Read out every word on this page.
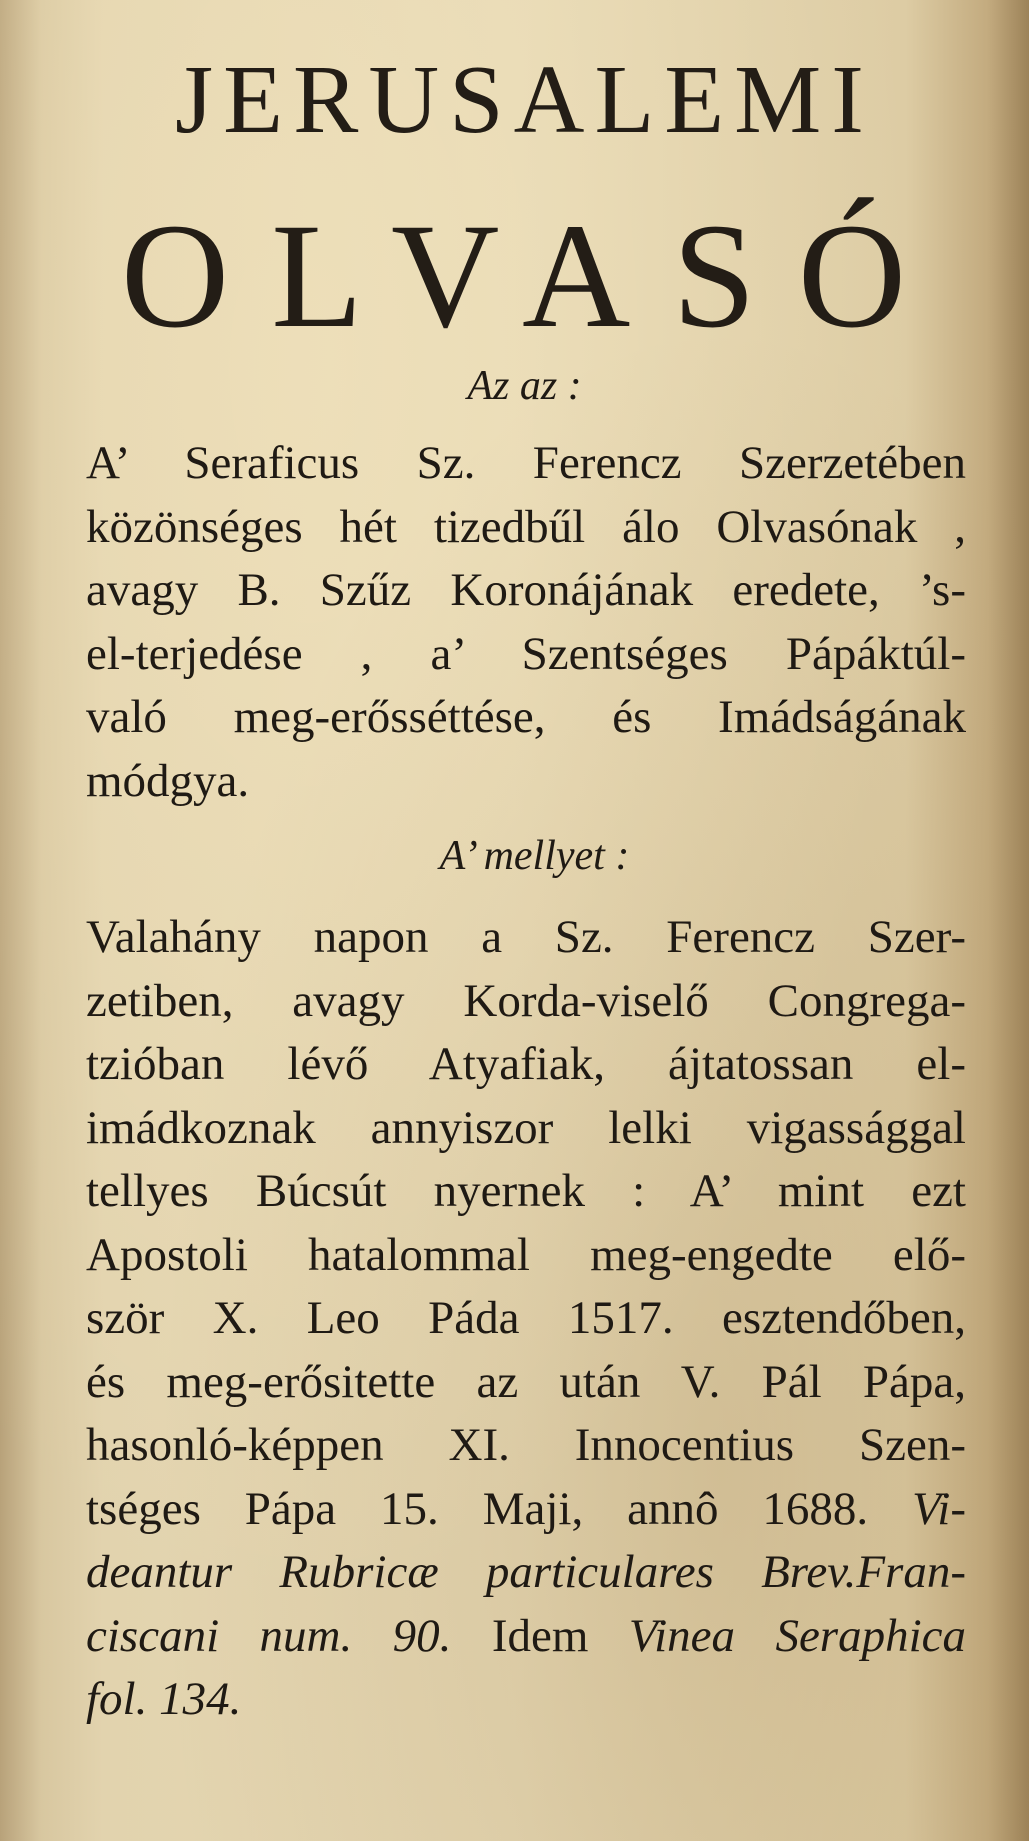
JERUSALEMI
OLVASÓ
Az az :
A’ Seraficus Sz. Ferencz Szerzetében
közönséges hét tizedbűl álo Olvasónak ,
avagy B. Szűz Koronájának eredete, ’s-
el-terjedése , a’ Szentséges Pápáktúl-
való meg-erősséttése, és Imádságának
módgya.
A’ mellyet :
Valahány napon a Sz. Ferencz Szer-
zetiben, avagy Korda-viselő Congrega-
tzióban lévő Atyafiak, ájtatossan el-
imádkoznak annyiszor lelki vigassággal
tellyes Búcsút nyernek : A’ mint ezt
Apostoli hatalommal meg-engedte elő-
ször X. Leo Páda 1517. esztendőben,
és meg-erősitette az után V. Pál Pápa,
hasonló-képpen XI. Innocentius Szen-
tséges Pápa 15. Maji, annô 1688. Vi-
deantur Rubricæ particulares Brev.Fran-
ciscani num. 90. Idem Vinea Seraphica
fol. 134.
